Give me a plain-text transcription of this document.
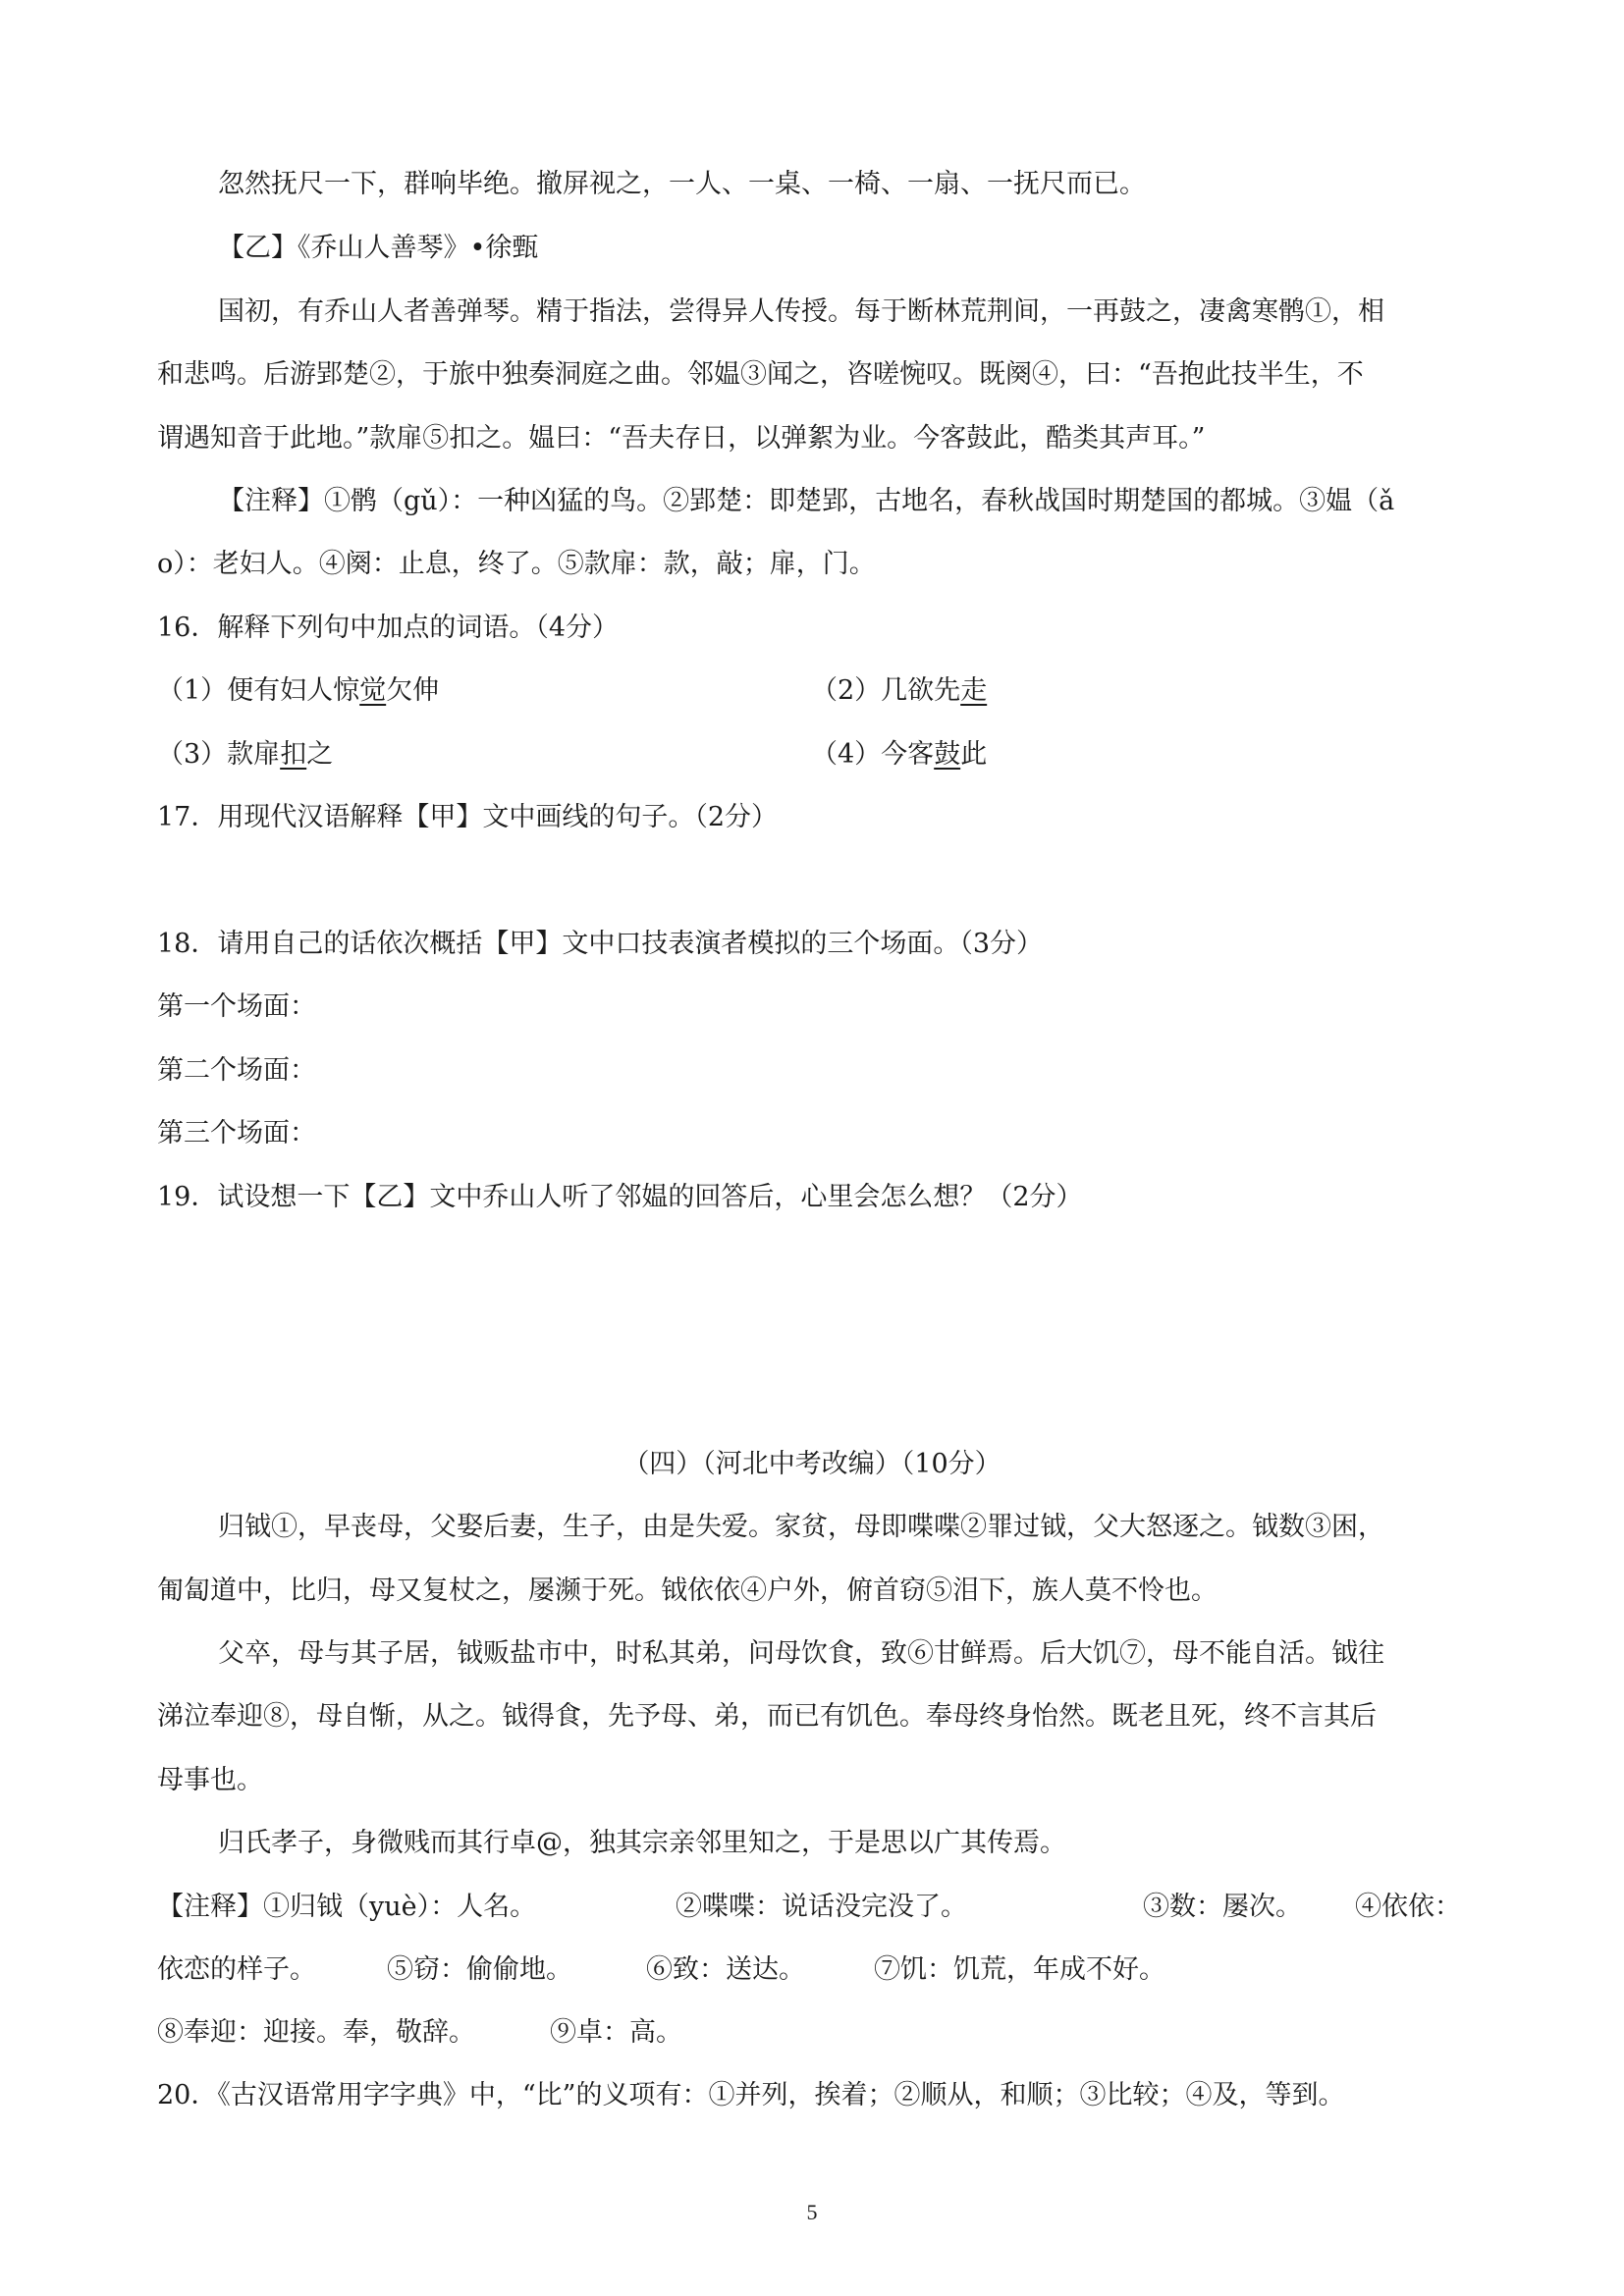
忽然抚尺一下，群响毕绝。撤屏视之，一人、一桌、一椅、一扇、一抚尺而已。
【乙】《乔山人善琴》•徐甄
国初，有乔山人者善弹琴。精于指法，尝得异人传授。每于断林荒荆间，一再鼓之，凄禽寒鹘①，相
和悲鸣。后游郢楚②，于旅中独奏洞庭之曲。邻媪③闻之，咨嗟惋叹。既阕④，曰：“吾抱此技半生，不
谓遇知音于此地。”款扉⑤扣之。媪曰：“吾夫存日，以弹絮为业。今客鼓此，酷类其声耳。”
【注释】①鹘（gǔ）：一种凶猛的鸟。②郢楚：即楚郢，古地名，春秋战国时期楚国的都城。③媪（ǎ
o）：老妇人。④阕：止息，终了。⑤款扉：款，敲；扉，门。
16．解释下列句中加点的词语。（4分）
（1）便有妇人惊觉欠伸	（2）几欲先走
（3）款扉扣之	（4）今客鼓此
17．用现代汉语解释【甲】文中画线的句子。（2分）
18．请用自己的话依次概括【甲】文中口技表演者模拟的三个场面。（3分）
第一个场面：
第二个场面：
第三个场面：
19．试设想一下【乙】文中乔山人听了邻媪的回答后，心里会怎么想？（2分）
（四）（河北中考改编）（10分）
归钺①，早丧母，父娶后妻，生子，由是失爱。家贫，母即喋喋②罪过钺，父大怒逐之。钺数③困，
匍匐道中，比归，母又复杖之，屡濒于死。钺依依④户外，俯首窃⑤泪下，族人莫不怜也。
父卒，母与其子居，钺贩盐市中，时私其弟，问母饮食，致⑥甘鲜焉。后大饥⑦，母不能自活。钺往
涕泣奉迎⑧，母自惭，从之。钺得食，先予母、弟，而已有饥色。奉母终身怡然。既老且死，终不言其后
母事也。
归氏孝子，身微贱而其行卓@，独其宗亲邻里知之，于是思以广其传焉。
【注释】①归钺（yuè）：人名。	②喋喋：说话没完没了。	③数：屡次。 ④依依：
依恋的样子。	⑤窃：偷偷地。	⑥致：送达。	⑦饥：饥荒，年成不好。
⑧奉迎：迎接。奉，敬辞。	⑨卓：高。
20．《古汉语常用字字典》中，“比”的义项有：①并列，挨着；②顺从，和顺；③比较；④及，等到。
5
